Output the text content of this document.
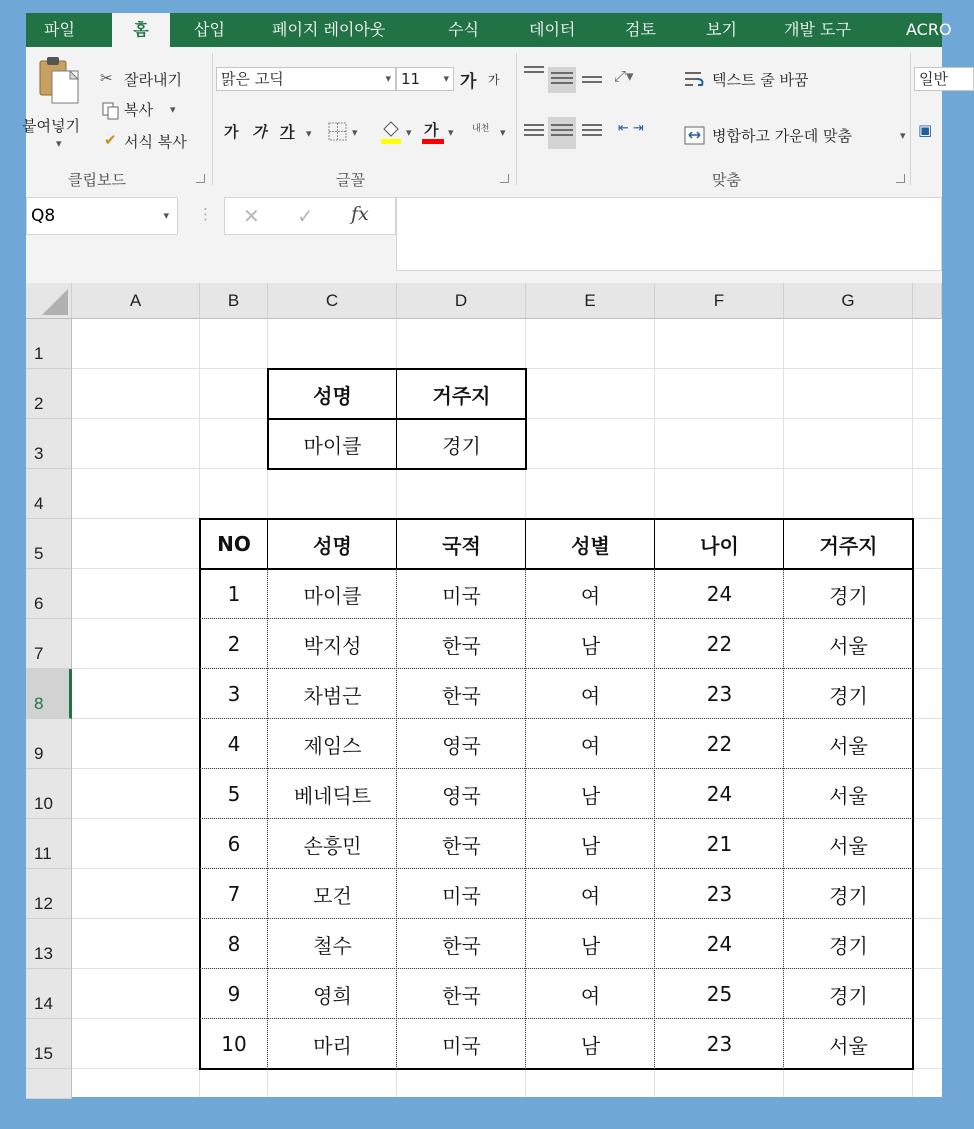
파일	홈	삽입	페이지 레이아웃	수식	데이터	검토	보기	개발 도구	ACRO
붙여넣기
▾
✂ 잘라내기
복사 ▾
✔ 서식 복사
클립보드
맑은 고딕	▾ 11 ▾ 가 가
가 가 가 ▾	▾	▾ 가 ▾ 내천 ▾
글꼴
⤢▾
⇤ ⇥
텍스트 줄 바꿈
병합하고 가운데 맞춤	▾
맞춤
일반
▣
Q8	▾ ⋮ ✕ ✓ fx
A	B	C	D	E	F	G
1
2
3
4
5
6
7
8
9
10
11
12
13
14
15
성명	거주지
마이클	경기
NO	성명	국적	성별	나이	거주지
1	마이클	미국	여	24	경기
2	박지성	한국	남	22	서울
3	차범근	한국	여	23	경기
4	제임스	영국	여	22	서울
5	베네딕트	영국	남	24	서울
6	손흥민	한국	남	21	서울
7	모건	미국	여	23	경기
8	철수	한국	남	24	경기
9	영희	한국	여	25	경기
10	마리	미국	남	23	서울
